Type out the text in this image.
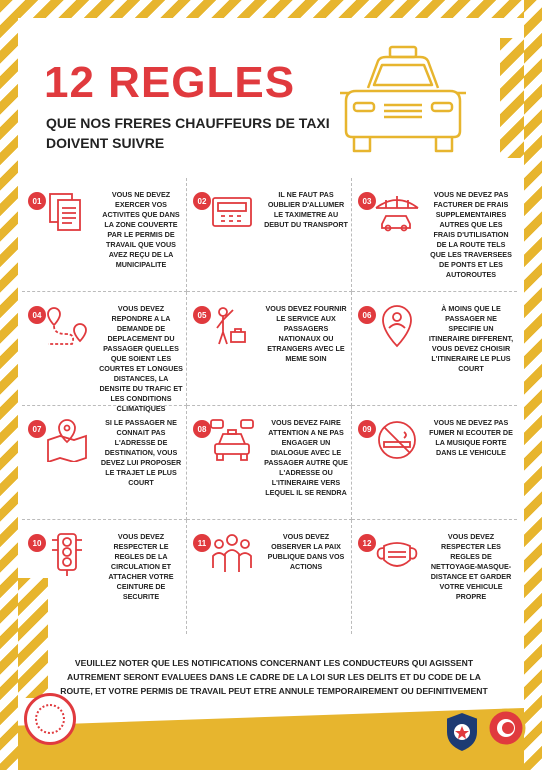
12 REGLES
QUE NOS FRERES CHAUFFEURS DE TAXI DOIVENT SUIVRE
01
VOUS NE DEVEZ EXERCER VOS ACTIVITES QUE DANS LA ZONE COUVERTE PAR LE PERMIS DE TRAVAIL QUE VOUS AVEZ REÇU DE LA MUNICIPALITE
02
IL NE FAUT PAS OUBLIER D'ALLUMER LE TAXIMETRE AU DEBUT DU TRANSPORT
03
VOUS NE DEVEZ PAS FACTURER DE FRAIS SUPPLEMENTAIRES AUTRES QUE LES FRAIS D'UTILISATION DE LA ROUTE TELS QUE LES TRAVERSEES DE PONTS ET LES AUTOROUTES
04
VOUS DEVEZ REPONDRE A LA DEMANDE DE DEPLACEMENT DU PASSAGER QUELLES QUE SOIENT LES COURTES ET LONGUES DISTANCES, LA DENSITE DU TRAFIC ET LES CONDITIONS CLIMATIQUES
05
VOUS DEVEZ FOURNIR LE SERVICE AUX PASSAGERS NATIONAUX OU ETRANGERS AVEC LE MEME SOIN
06
À MOINS QUE LE PASSAGER NE SPECIFIE UN ITINERAIRE DIFFERENT, VOUS DEVEZ CHOISIR L'ITINERAIRE LE PLUS COURT
07
SI LE PASSAGER NE CONNAIT PAS L'ADRESSE DE DESTINATION, VOUS DEVEZ LUI PROPOSER LE TRAJET LE PLUS COURT
08
VOUS DEVEZ FAIRE ATTENTION A NE PAS ENGAGER UN DIALOGUE AVEC LE PASSAGER AUTRE QUE L'ADRESSE OU L'ITINERAIRE VERS LEQUEL IL SE RENDRA
09
VOUS NE DEVEZ PAS FUMER NI ECOUTER DE LA MUSIQUE FORTE DANS LE VEHICULE
10
VOUS DEVEZ RESPECTER LE REGLES DE LA CIRCULATION ET ATTACHER VOTRE CEINTURE DE SECURITE
11
VOUS DEVEZ OBSERVER LA PAIX PUBLIQUE DANS VOS ACTIONS
12
VOUS DEVEZ RESPECTER LES REGLES DE NETTOYAGE-MASQUE-DISTANCE ET GARDER VOTRE VEHICULE PROPRE
VEUILLEZ NOTER QUE LES NOTIFICATIONS CONCERNANT LES CONDUCTEURS QUI AGISSENT AUTREMENT SERONT EVALUEES DANS LE CADRE DE LA LOI SUR LES DELITS ET DU CODE DE LA ROUTE, ET VOTRE PERMIS DE TRAVAIL PEUT ETRE ANNULE TEMPORAIREMENT OU DEFINITIVEMENT
